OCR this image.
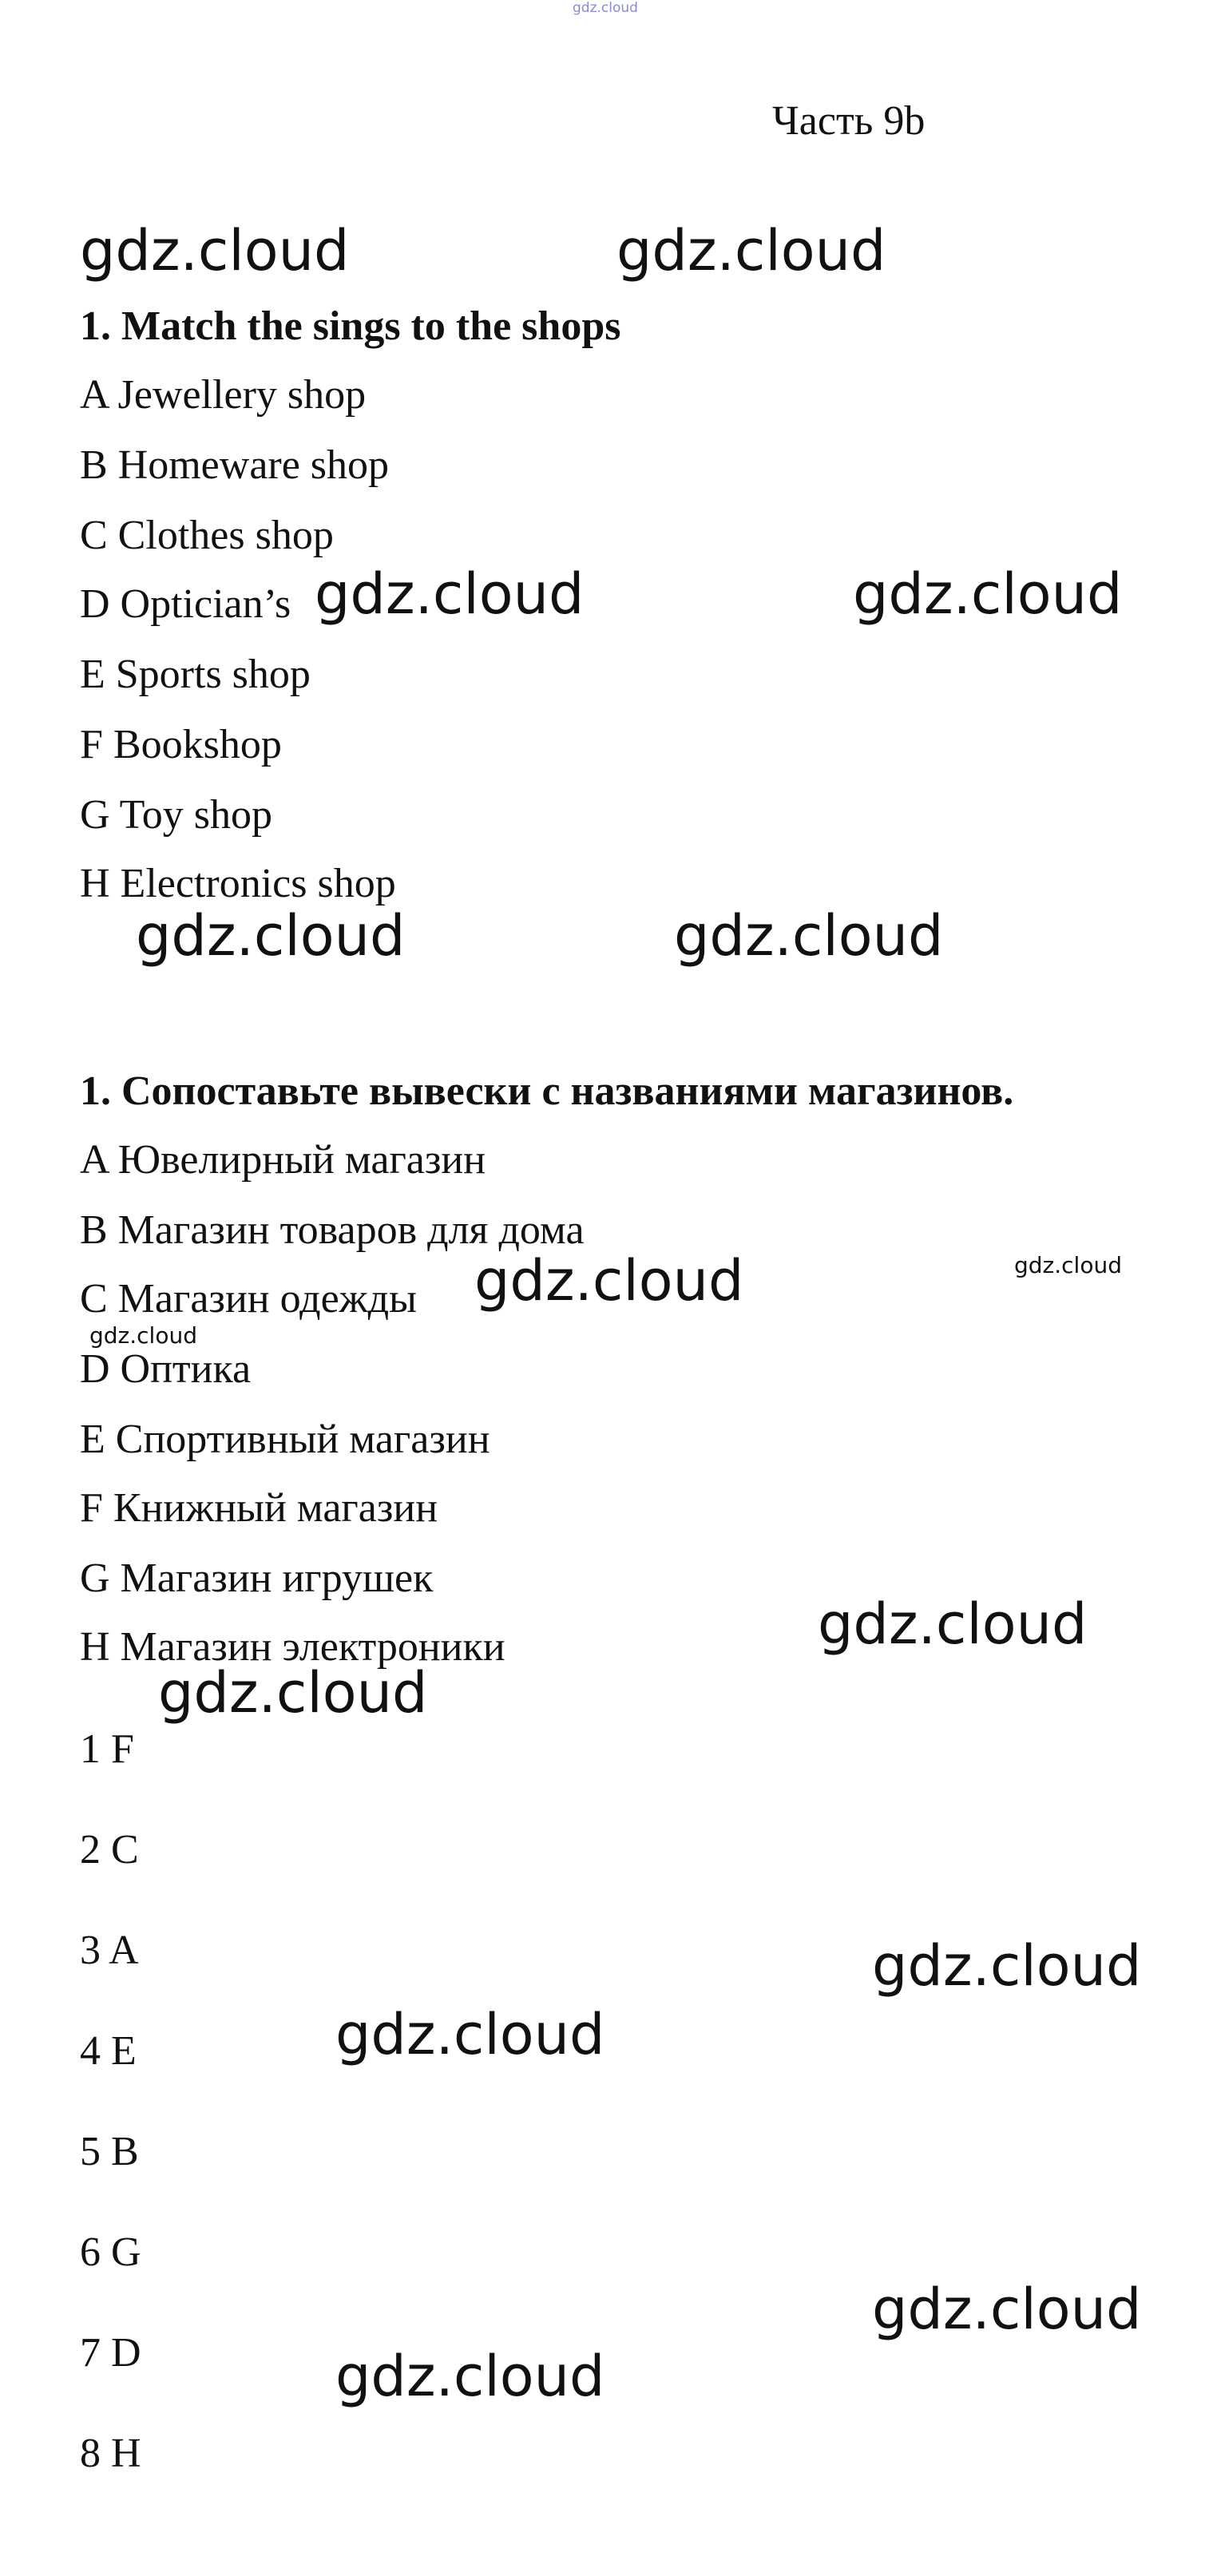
gdz.cloud
Часть 9b
gdz.cloud	gdz.cloud
1. Match the sings to the shops
A Jewellery shop
B Homeware shop
C Clothes shop
D Optician’s gdz.cloud	gdz.cloud
E Sports shop
F Bookshop
G Toy shop
H Electronics shop
gdz.cloud	gdz.cloud
1. Сопоставьте вывески с названиями магазинов.
A Ювелирный магазин
B Магазин товаров для дома
C Магазин одежды gdz.cloud	gdz.cloud
gdz.cloud
D Оптика
E Спортивный магазин
F Книжный магазин
G Магазин игрушек
gdz.cloud
H Магазин электроники
gdz.cloud
1 F
2 C
3 A	gdz.cloud
4 E	gdz.cloud
5 B
6 G
gdz.cloud
7 D	gdz.cloud
8 H
